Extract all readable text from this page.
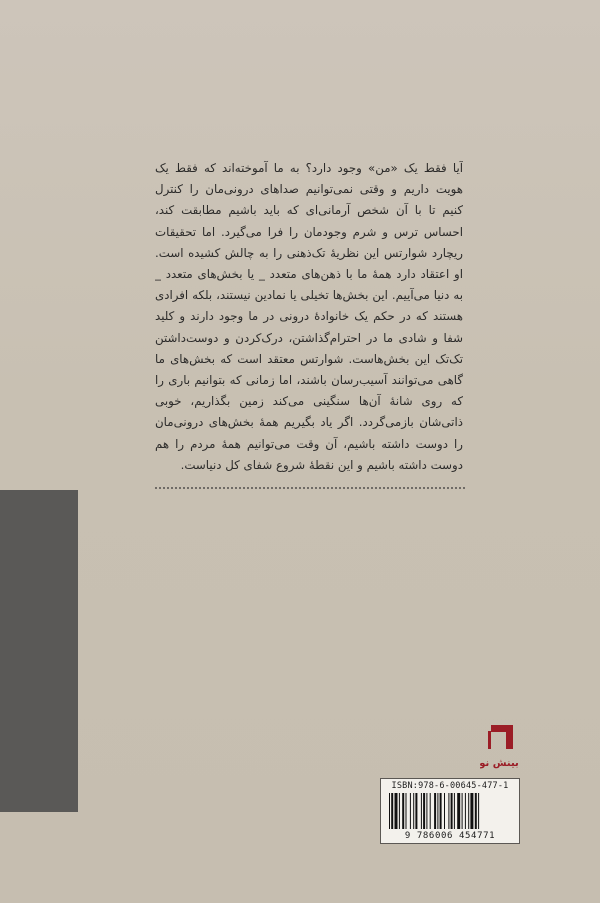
آیا فقط یک «من» وجود دارد؟ به ما آموخته‌اند که فقط یک هویت داریم و وقتی نمی‌توانیم صداهای درونی‌مان را کنترل کنیم تا با آن شخص آرمانی‌ای که باید باشیم مطابقت کند، احساس ترس و شرم وجودمان را فرا می‌گیرد. اما تحقیقات ریچارد شوارتس این نظریهٔ تک‌ذهنی را به چالش کشیده است. او اعتقاد دارد همهٔ ما با ذهن‌های متعدد _ یا بخش‌های متعدد _ به دنیا می‌آییم. این بخش‌ها تخیلی یا نمادین نیستند، بلکه افرادی هستند که در حکم یک خانوادهٔ درونی در ما وجود دارند و کلید شفا و شادی ما در احترام‌گذاشتن، درک‌کردن و دوست‌داشتن تک‌تک این بخش‌هاست. شوارتس معتقد است که بخش‌های ما گاهی می‌توانند آسیب‌رسان باشند، اما زمانی که بتوانیم باری را که روی شانهٔ آن‌ها سنگینی می‌کند زمین بگذاریم، خوبی ذاتی‌شان بازمی‌گردد. اگر یاد بگیریم همهٔ بخش‌های درونی‌مان را دوست داشته باشیم، آن وقت می‌توانیم همهٔ مردم را هم دوست داشته باشیم و این نقطهٔ شروع شفای کل دنیاست.

بینش نو
ISBN:978-6-00645-477-1
9 786006 454771
